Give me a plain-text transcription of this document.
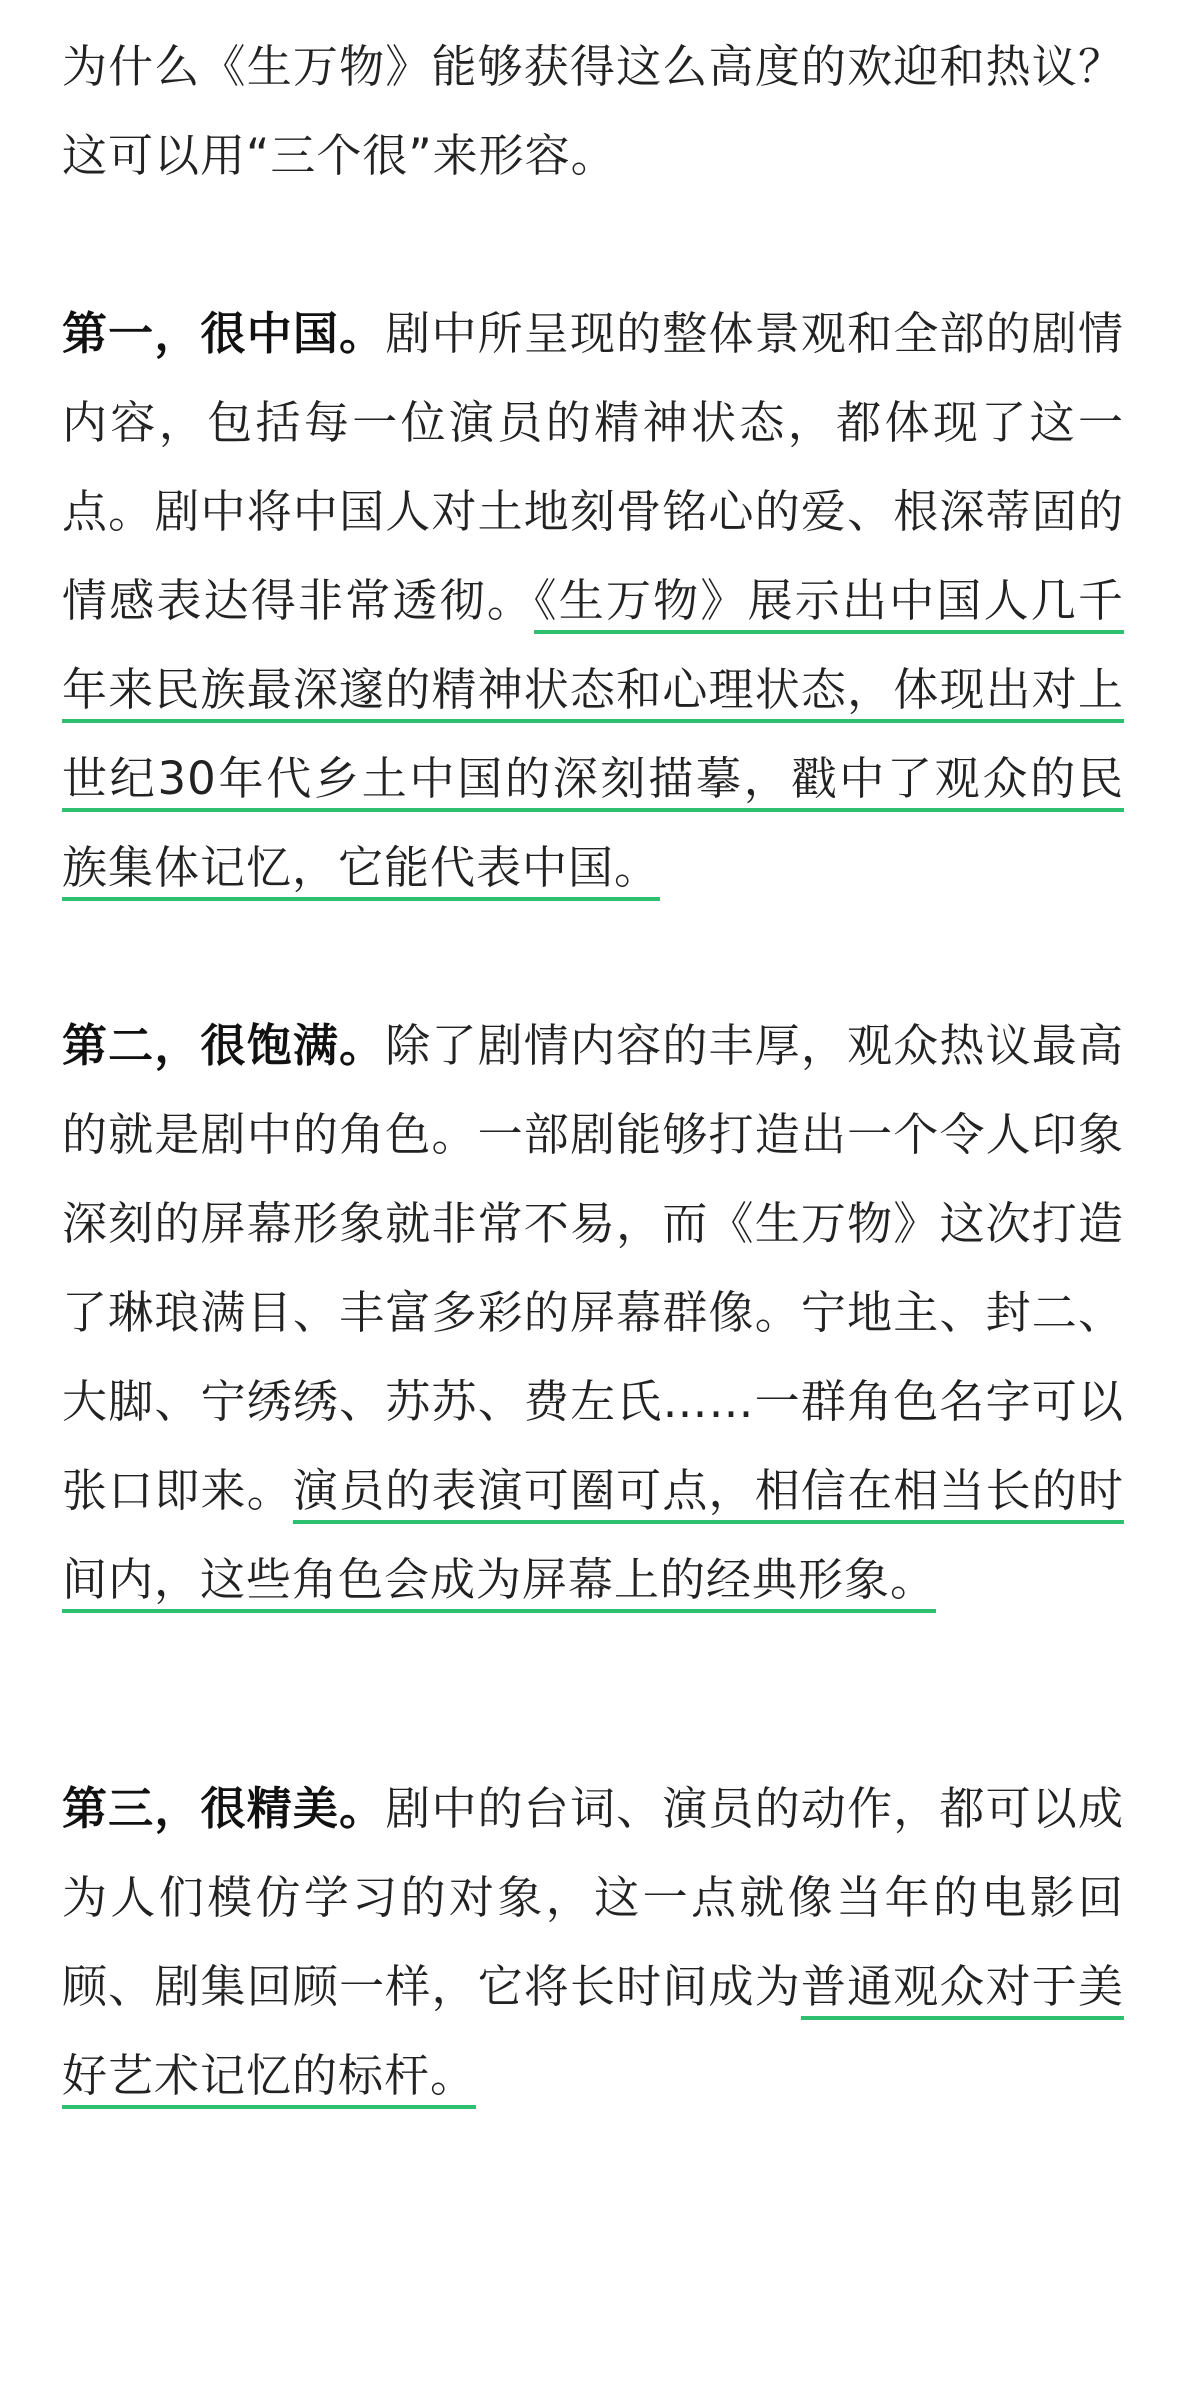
为什么《生万物》能够获得这么高度的欢迎和热议？这可以用“三个很”来形容。

第一，很中国。剧中所呈现的整体景观和全部的剧情内容，包括每一位演员的精神状态，都体现了这一点。剧中将中国人对土地刻骨铭心的爱、根深蒂固的情感表达得非常透彻。《生万物》展示出中国人几千年来民族最深邃的精神状态和心理状态，体现出对上世纪30年代乡土中国的深刻描摹，戳中了观众的民族集体记忆，它能代表中国。

第二，很饱满。除了剧情内容的丰厚，观众热议最高的就是剧中的角色。一部剧能够打造出一个令人印象深刻的屏幕形象就非常不易，而《生万物》这次打造了琳琅满目、丰富多彩的屏幕群像。宁地主、封二、大脚、宁绣绣、苏苏、费左氏……一群角色名字可以张口即来。演员的表演可圈可点，相信在相当长的时间内，这些角色会成为屏幕上的经典形象。

第三，很精美。剧中的台词、演员的动作，都可以成为人们模仿学习的对象，这一点就像当年的电影回顾、剧集回顾一样，它将长时间成为普通观众对于美好艺术记忆的标杆。
